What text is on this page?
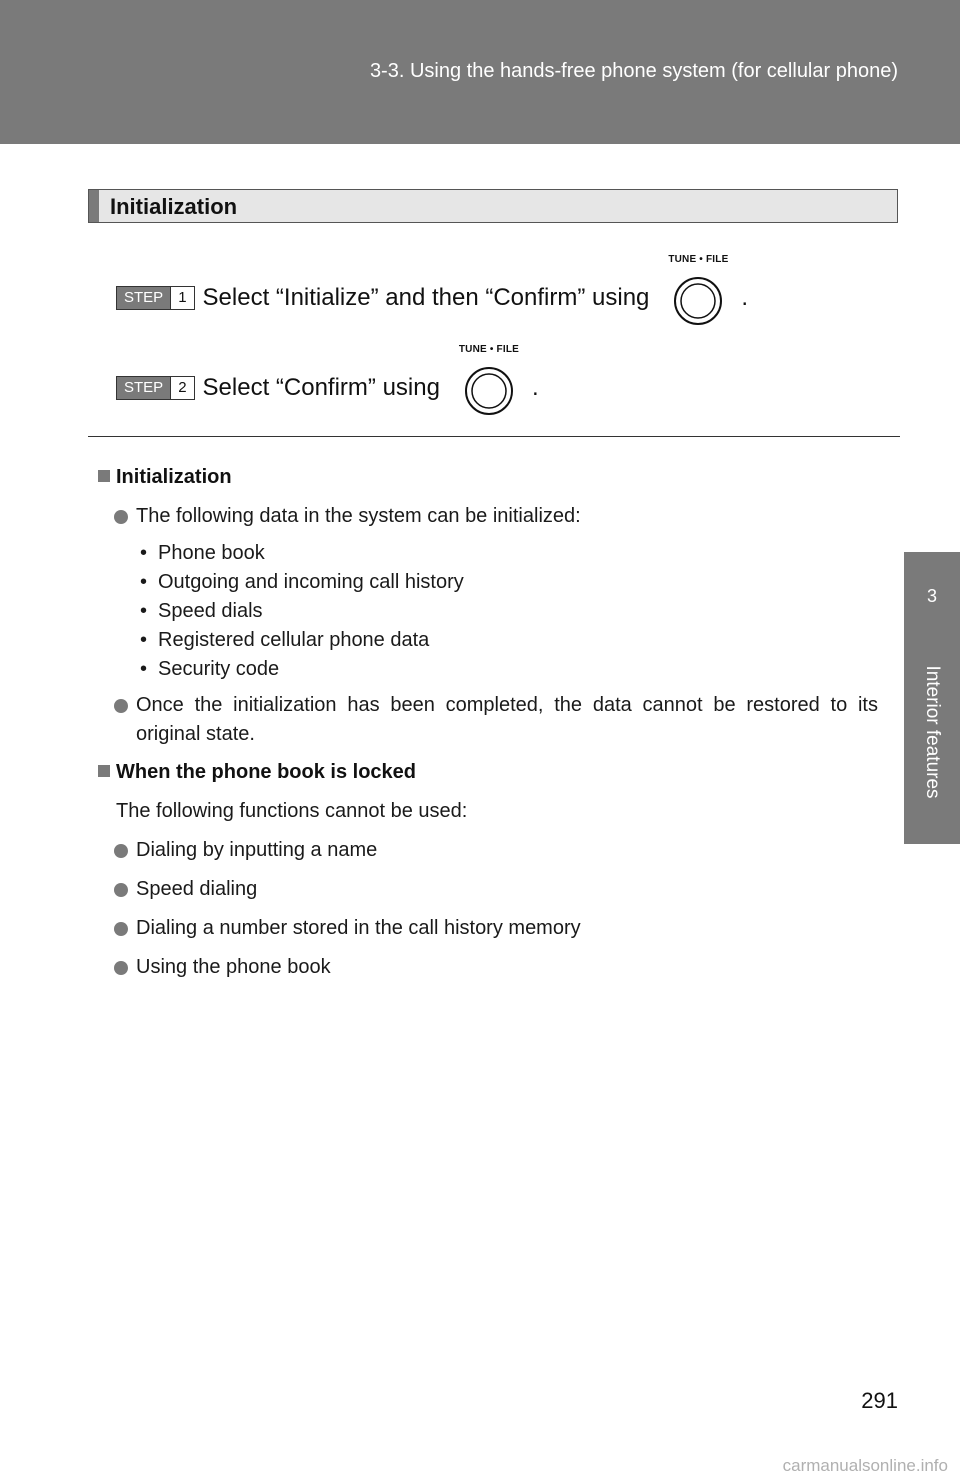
3-3. Using the hands-free phone system (for cellular phone)
3
Interior features
Initialization
STEP	1 Select “Initialize” and then “Confirm” using
TUNE • FILE
.
STEP	2 Select “Confirm” using
TUNE • FILE
.
Initialization
The following data in the system can be initialized:
• Phone book
• Outgoing and incoming call history
• Speed dials
• Registered cellular phone data
• Security code
Once the initialization has been completed, the data cannot be restored to its original state.
When the phone book is locked
The following functions cannot be used:
Dialing by inputting a name
Speed dialing
Dialing a number stored in the call history memory
Using the phone book
291
carmanualsonline.info
